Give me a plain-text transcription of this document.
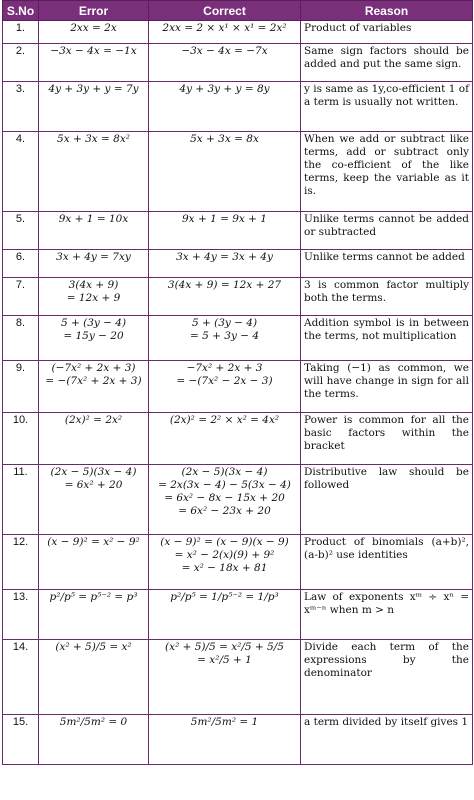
S.No	Error	Correct	Reason
1.	2xx = 2x	2xx = 2 × x¹ × x¹ = 2x²	Product of variables
2.	−3x − 4x = −1x	−3x − 4x = −7x	Same sign factors should be added and put the same sign.
3.	4y + 3y + y = 7y	4y + 3y + y = 8y	y is same as 1y,co-efficient 1 of a term is usually not written.
4.	5x + 3x = 8x²	5x + 3x = 8x	When we add or subtract like terms, add or subtract only the co-efficient of the like terms, keep the variable as it is.
5.	9x + 1 = 10x	9x + 1 = 9x + 1	Unlike terms cannot be added or subtracted
6.	3x + 4y = 7xy	3x + 4y = 3x + 4y	Unlike terms cannot be added
7.	3(4x + 9)
= 12x + 9	3(4x + 9) = 12x + 27	3 is common factor multiply both the terms.
8.	5 + (3y − 4)
= 15y − 20	5 + (3y − 4)
= 5 + 3y − 4	Addition symbol is in between the terms, not multiplication
9.	(−7x² + 2x + 3)
= −(7x² + 2x + 3)	−7x² + 2x + 3
= −(7x² − 2x − 3)	Taking (−1) as common, we will have change in sign for all the terms.
10.	(2x)² = 2x²	(2x)² = 2² × x² = 4x²	Power is common for all the basic factors within the bracket
11.	(2x − 5)(3x − 4)
= 6x² + 20	(2x − 5)(3x − 4)
= 2x(3x − 4) − 5(3x − 4)
= 6x² − 8x − 15x + 20
= 6x² − 23x + 20	Distributive law should be followed
12.	(x − 9)² = x² − 9²	(x − 9)² = (x − 9)(x − 9)
= x² − 2(x)(9) + 9²
= x² − 18x + 81	Product of binomials (a+b)², (a-b)² use identities
13.	p²/p⁵ = p⁵⁻² = p³	p²/p⁵ = 1/p⁵⁻² = 1/p³	Law of exponents xᵐ ÷ xⁿ = xᵐ⁻ⁿ when m > n
14.	(x² + 5)/5 = x²	(x² + 5)/5 = x²/5 + 5/5
= x²/5 + 1	Divide each term of the expressions by the denominator
15.	5m²/5m² = 0	5m²/5m² = 1	a term divided by itself gives 1
